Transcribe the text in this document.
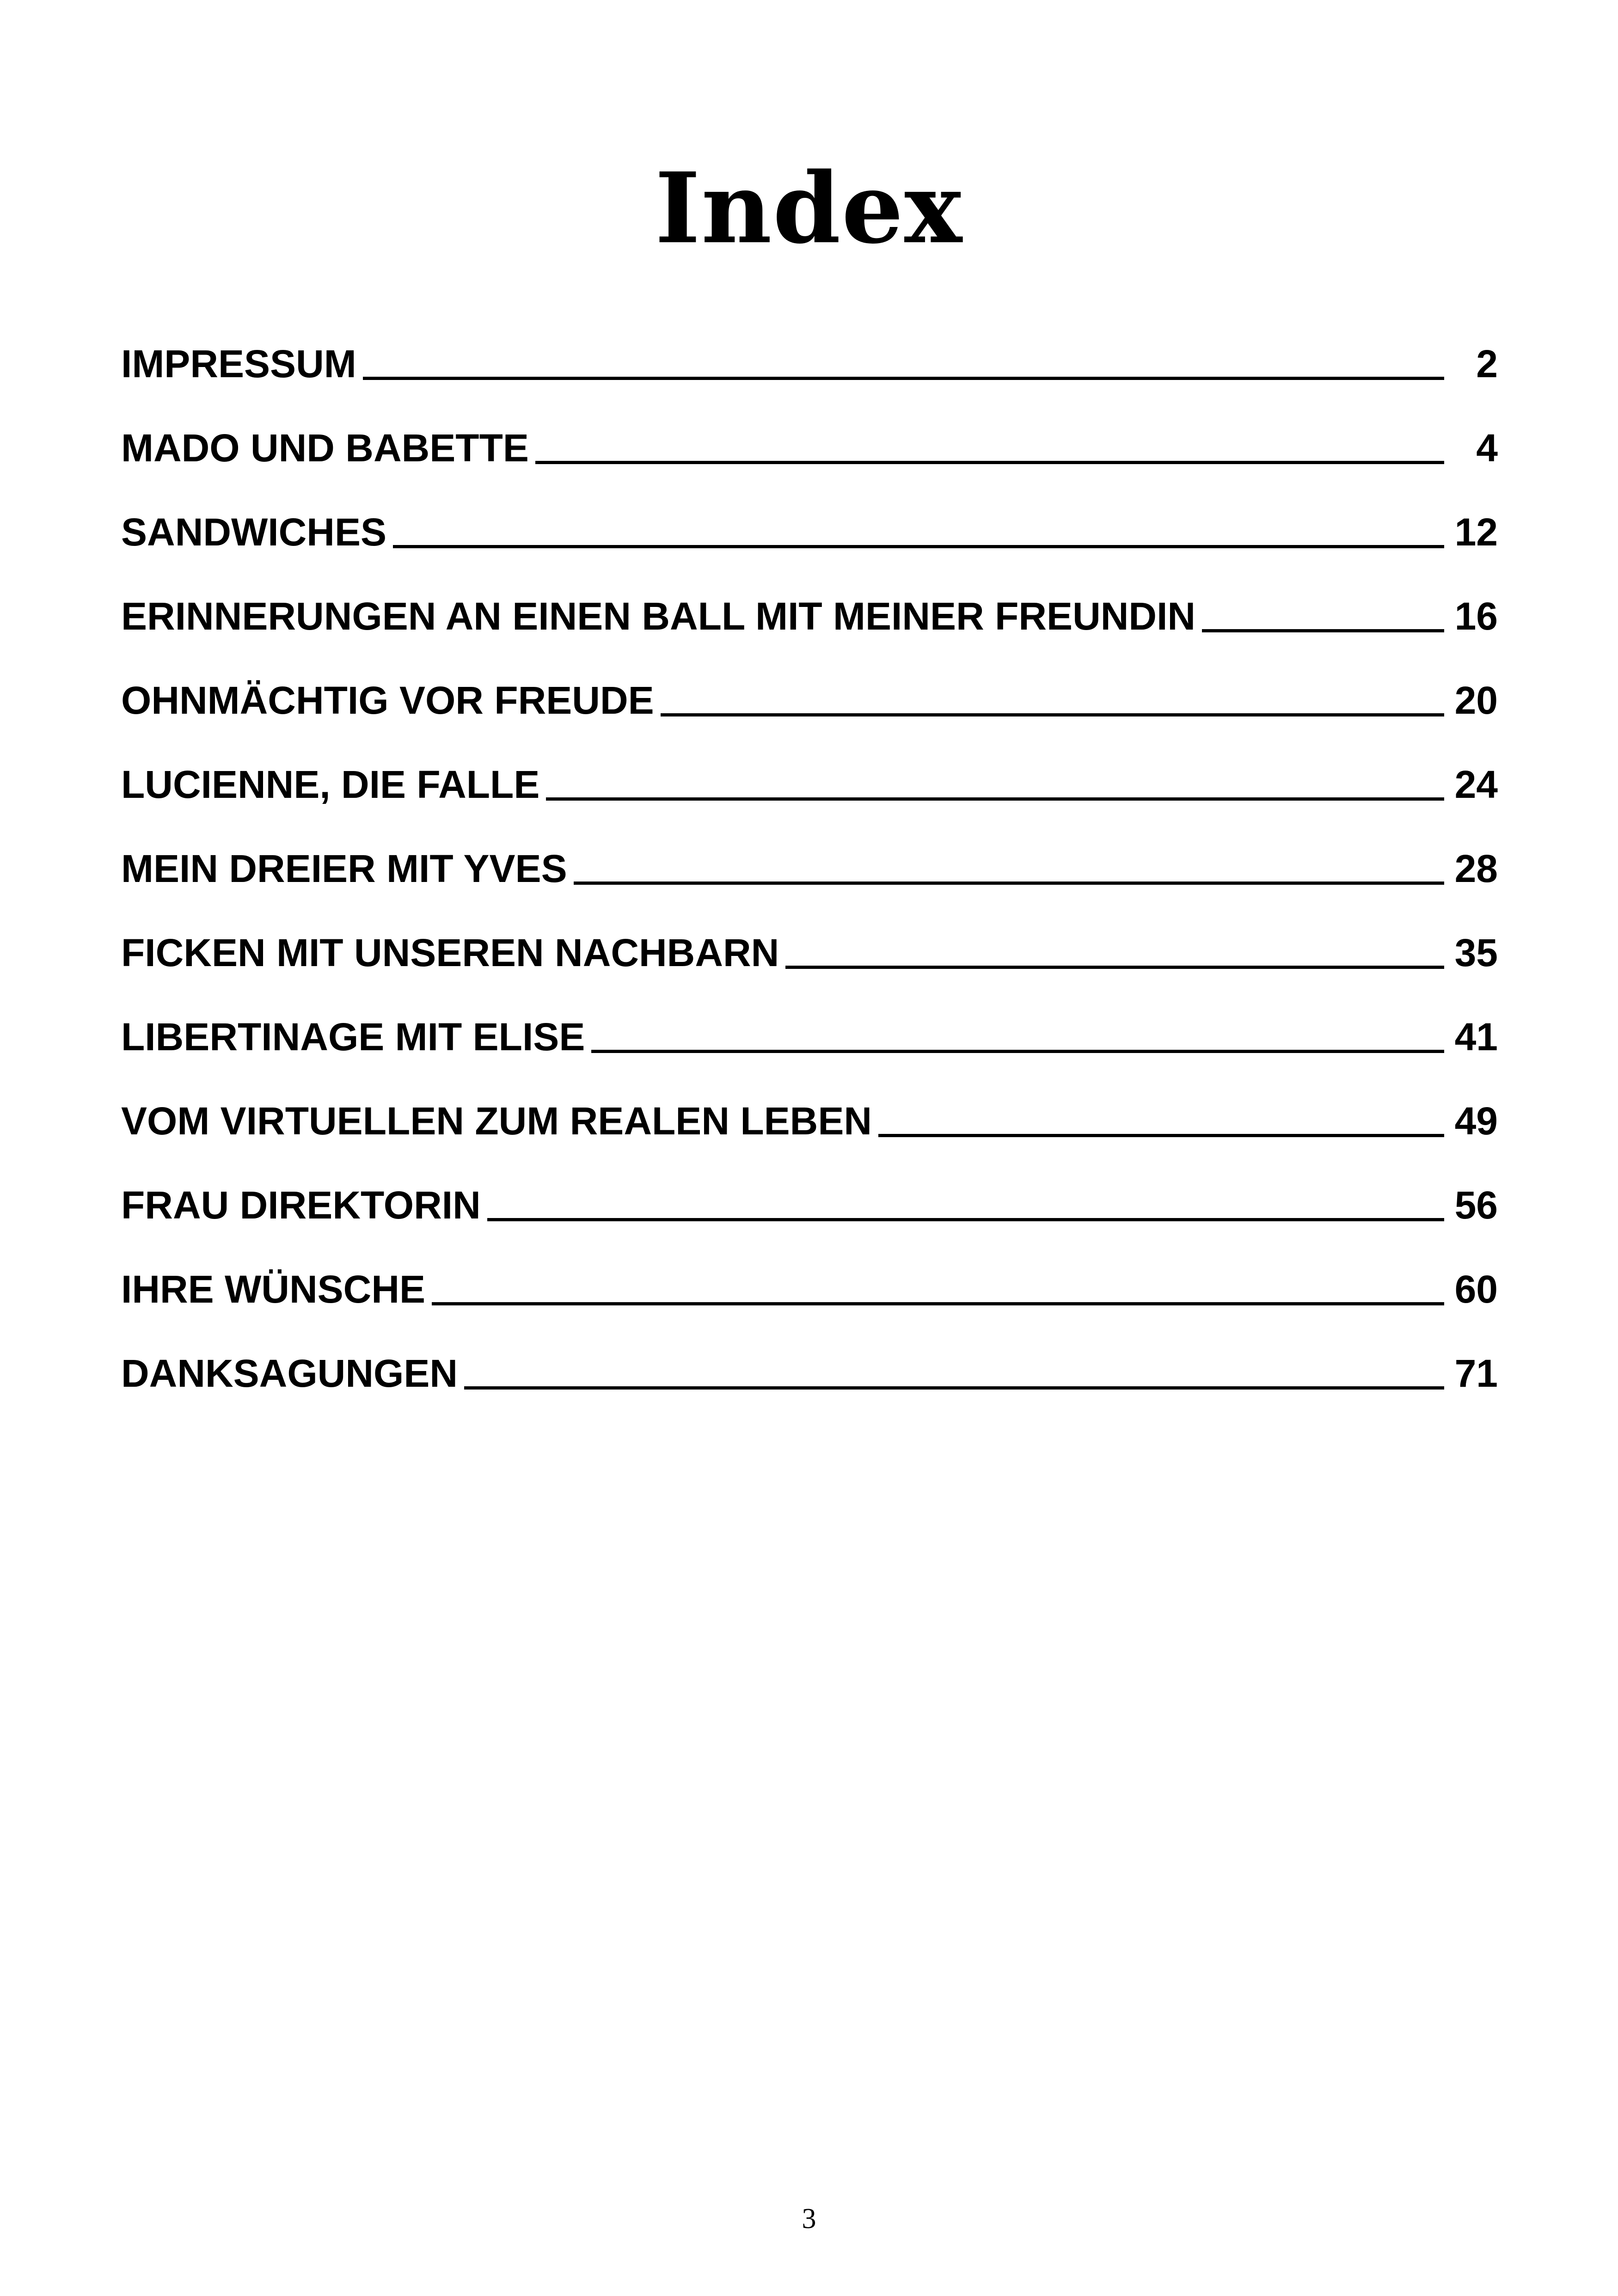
Index
IMPRESSUM	2
MADO UND BABETTE	4
SANDWICHES	12
ERINNERUNGEN AN EINEN BALL MIT MEINER FREUNDIN	16
OHNMÄCHTIG VOR FREUDE	20
LUCIENNE, DIE FALLE	24
MEIN DREIER MIT YVES	28
FICKEN MIT UNSEREN NACHBARN	35
LIBERTINAGE MIT ELISE	41
VOM VIRTUELLEN ZUM REALEN LEBEN	49
FRAU DIREKTORIN	56
IHRE WÜNSCHE	60
DANKSAGUNGEN	71
3
